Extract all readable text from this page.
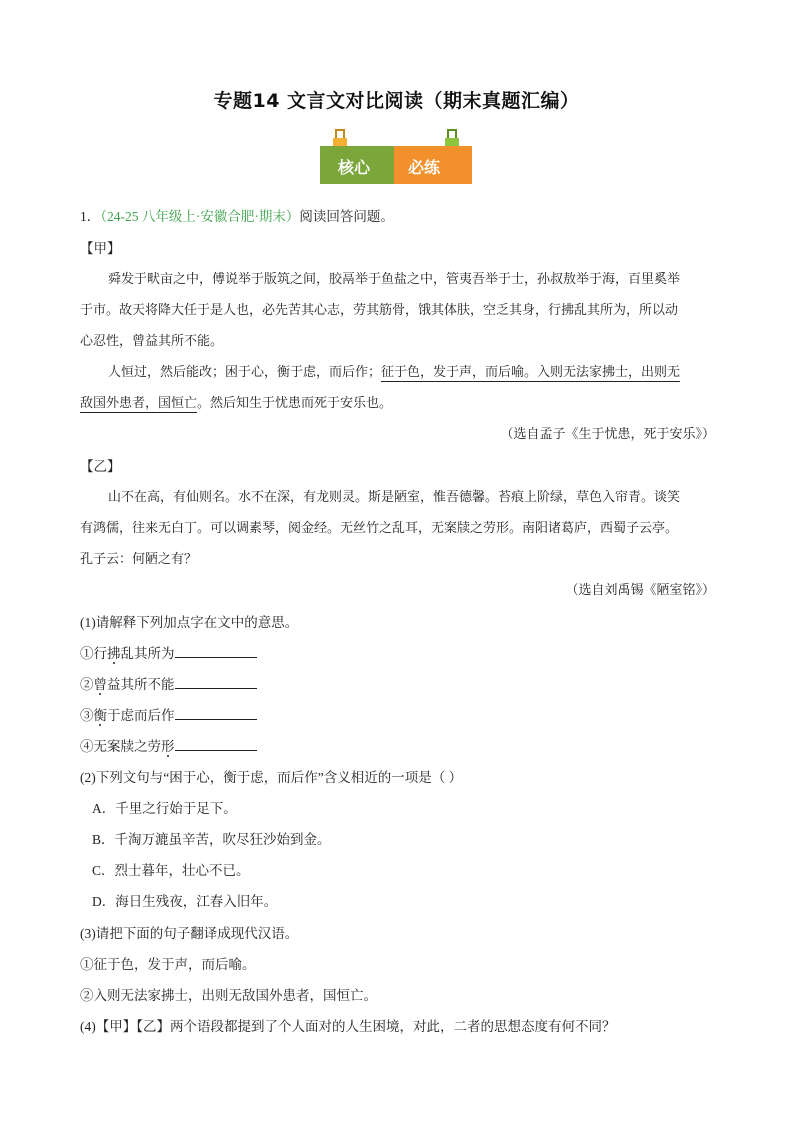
专题14 文言文对比阅读（期末真题汇编）
核心 必练
1．（24-25 八年级上·安徽合肥·期末）阅读回答问题。
【甲】
舜发于畎亩之中，傅说举于版筑之间，胶鬲举于鱼盐之中，管夷吾举于士，孙叔敖举于海，百里奚举
于市。故天将降大任于是人也，必先苦其心志，劳其筋骨，饿其体肤，空乏其身，行拂乱其所为，所以动
心忍性，曾益其所不能。
人恒过，然后能改；困于心，衡于虑，而后作；征于色，发于声，而后喻。入则无法家拂士，出则无
敌国外患者，国恒亡。然后知生于忧患而死于安乐也。
（选自孟子《生于忧患，死于安乐》）
【乙】
山不在高，有仙则名。水不在深，有龙则灵。斯是陋室，惟吾德馨。苔痕上阶绿，草色入帘青。谈笑
有鸿儒，往来无白丁。可以调素琴，阅金经。无丝竹之乱耳，无案牍之劳形。南阳诸葛庐，西蜀子云亭。
孔子云：何陋之有？
（选自刘禹锡《陋室铭》）
(1)请解释下列加点字在文中的意思。
①行拂乱其所为
②曾益其所不能
③衡于虑而后作
④无案牍之劳形
(2)下列文句与“困于心，衡于虑，而后作”含义相近的一项是（ ）
A．千里之行始于足下。
B．千淘万漉虽辛苦，吹尽狂沙始到金。
C．烈士暮年，壮心不已。
D．海日生残夜，江春入旧年。
(3)请把下面的句子翻译成现代汉语。
①征于色，发于声，而后喻。
②入则无法家拂士，出则无敌国外患者，国恒亡。
(4)【甲】【乙】两个语段都提到了个人面对的人生困境，对此，二者的思想态度有何不同？
